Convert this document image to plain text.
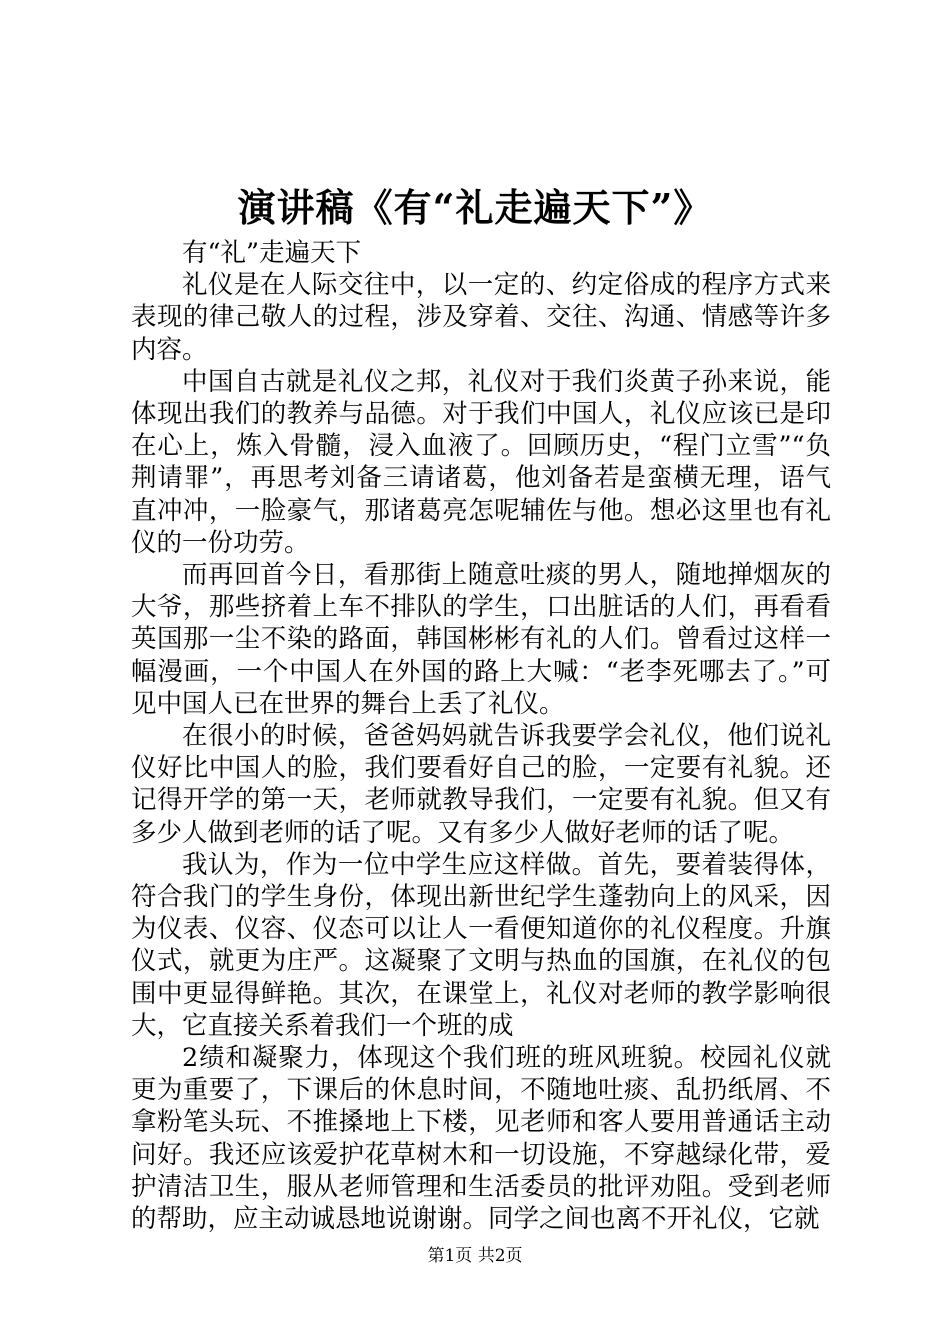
演讲稿《有“礼走遍天下”》

有“礼”走遍天下

礼仪是在人际交往中，以一定的、约定俗成的程序方式来表现的律己敬人的过程，涉及穿着、交往、沟通、情感等许多内容。

中国自古就是礼仪之邦，礼仪对于我们炎黄子孙来说，能体现出我们的教养与品德。对于我们中国人，礼仪应该已是印在心上，炼入骨髓，浸入血液了。回顾历史，“程门立雪”“负荆请罪”，再思考刘备三请诸葛，他刘备若是蛮横无理，语气直冲冲，一脸豪气，那诸葛亮怎呢辅佐与他。想必这里也有礼仪的一份功劳。

而再回首今日，看那街上随意吐痰的男人，随地掸烟灰的大爷，那些挤着上车不排队的学生，口出脏话的人们，再看看英国那一尘不染的路面，韩国彬彬有礼的人们。曾看过这样一幅漫画，一个中国人在外国的路上大喊：“老李死哪去了。”可见中国人已在世界的舞台上丢了礼仪。

在很小的时候，爸爸妈妈就告诉我要学会礼仪，他们说礼仪好比中国人的脸，我们要看好自己的脸，一定要有礼貌。还记得开学的第一天，老师就教导我们，一定要有礼貌。但又有多少人做到老师的话了呢。又有多少人做好老师的话了呢。

我认为，作为一位中学生应这样做。首先，要着装得体，符合我门的学生身份，体现出新世纪学生蓬勃向上的风采，因为仪表、仪容、仪态可以让人一看便知道你的礼仪程度。升旗仪式，就更为庄严。这凝聚了文明与热血的国旗，在礼仪的包围中更显得鲜艳。其次，在课堂上，礼仪对老师的教学影响很大，它直接关系着我们一个班的成

2绩和凝聚力，体现这个我们班的班风班貌。校园礼仪就更为重要了，下课后的休息时间，不随地吐痰、乱扔纸屑、不拿粉笔头玩、不推搡地上下楼，见老师和客人要用普通话主动问好。我还应该爱护花草树木和一切设施，不穿越绿化带，爱护清洁卫生，服从老师管理和生活委员的批评劝阻。受到老师的帮助，应主动诚恳地说谢谢。同学之间也离不开礼仪，它就

第1页 共2页
